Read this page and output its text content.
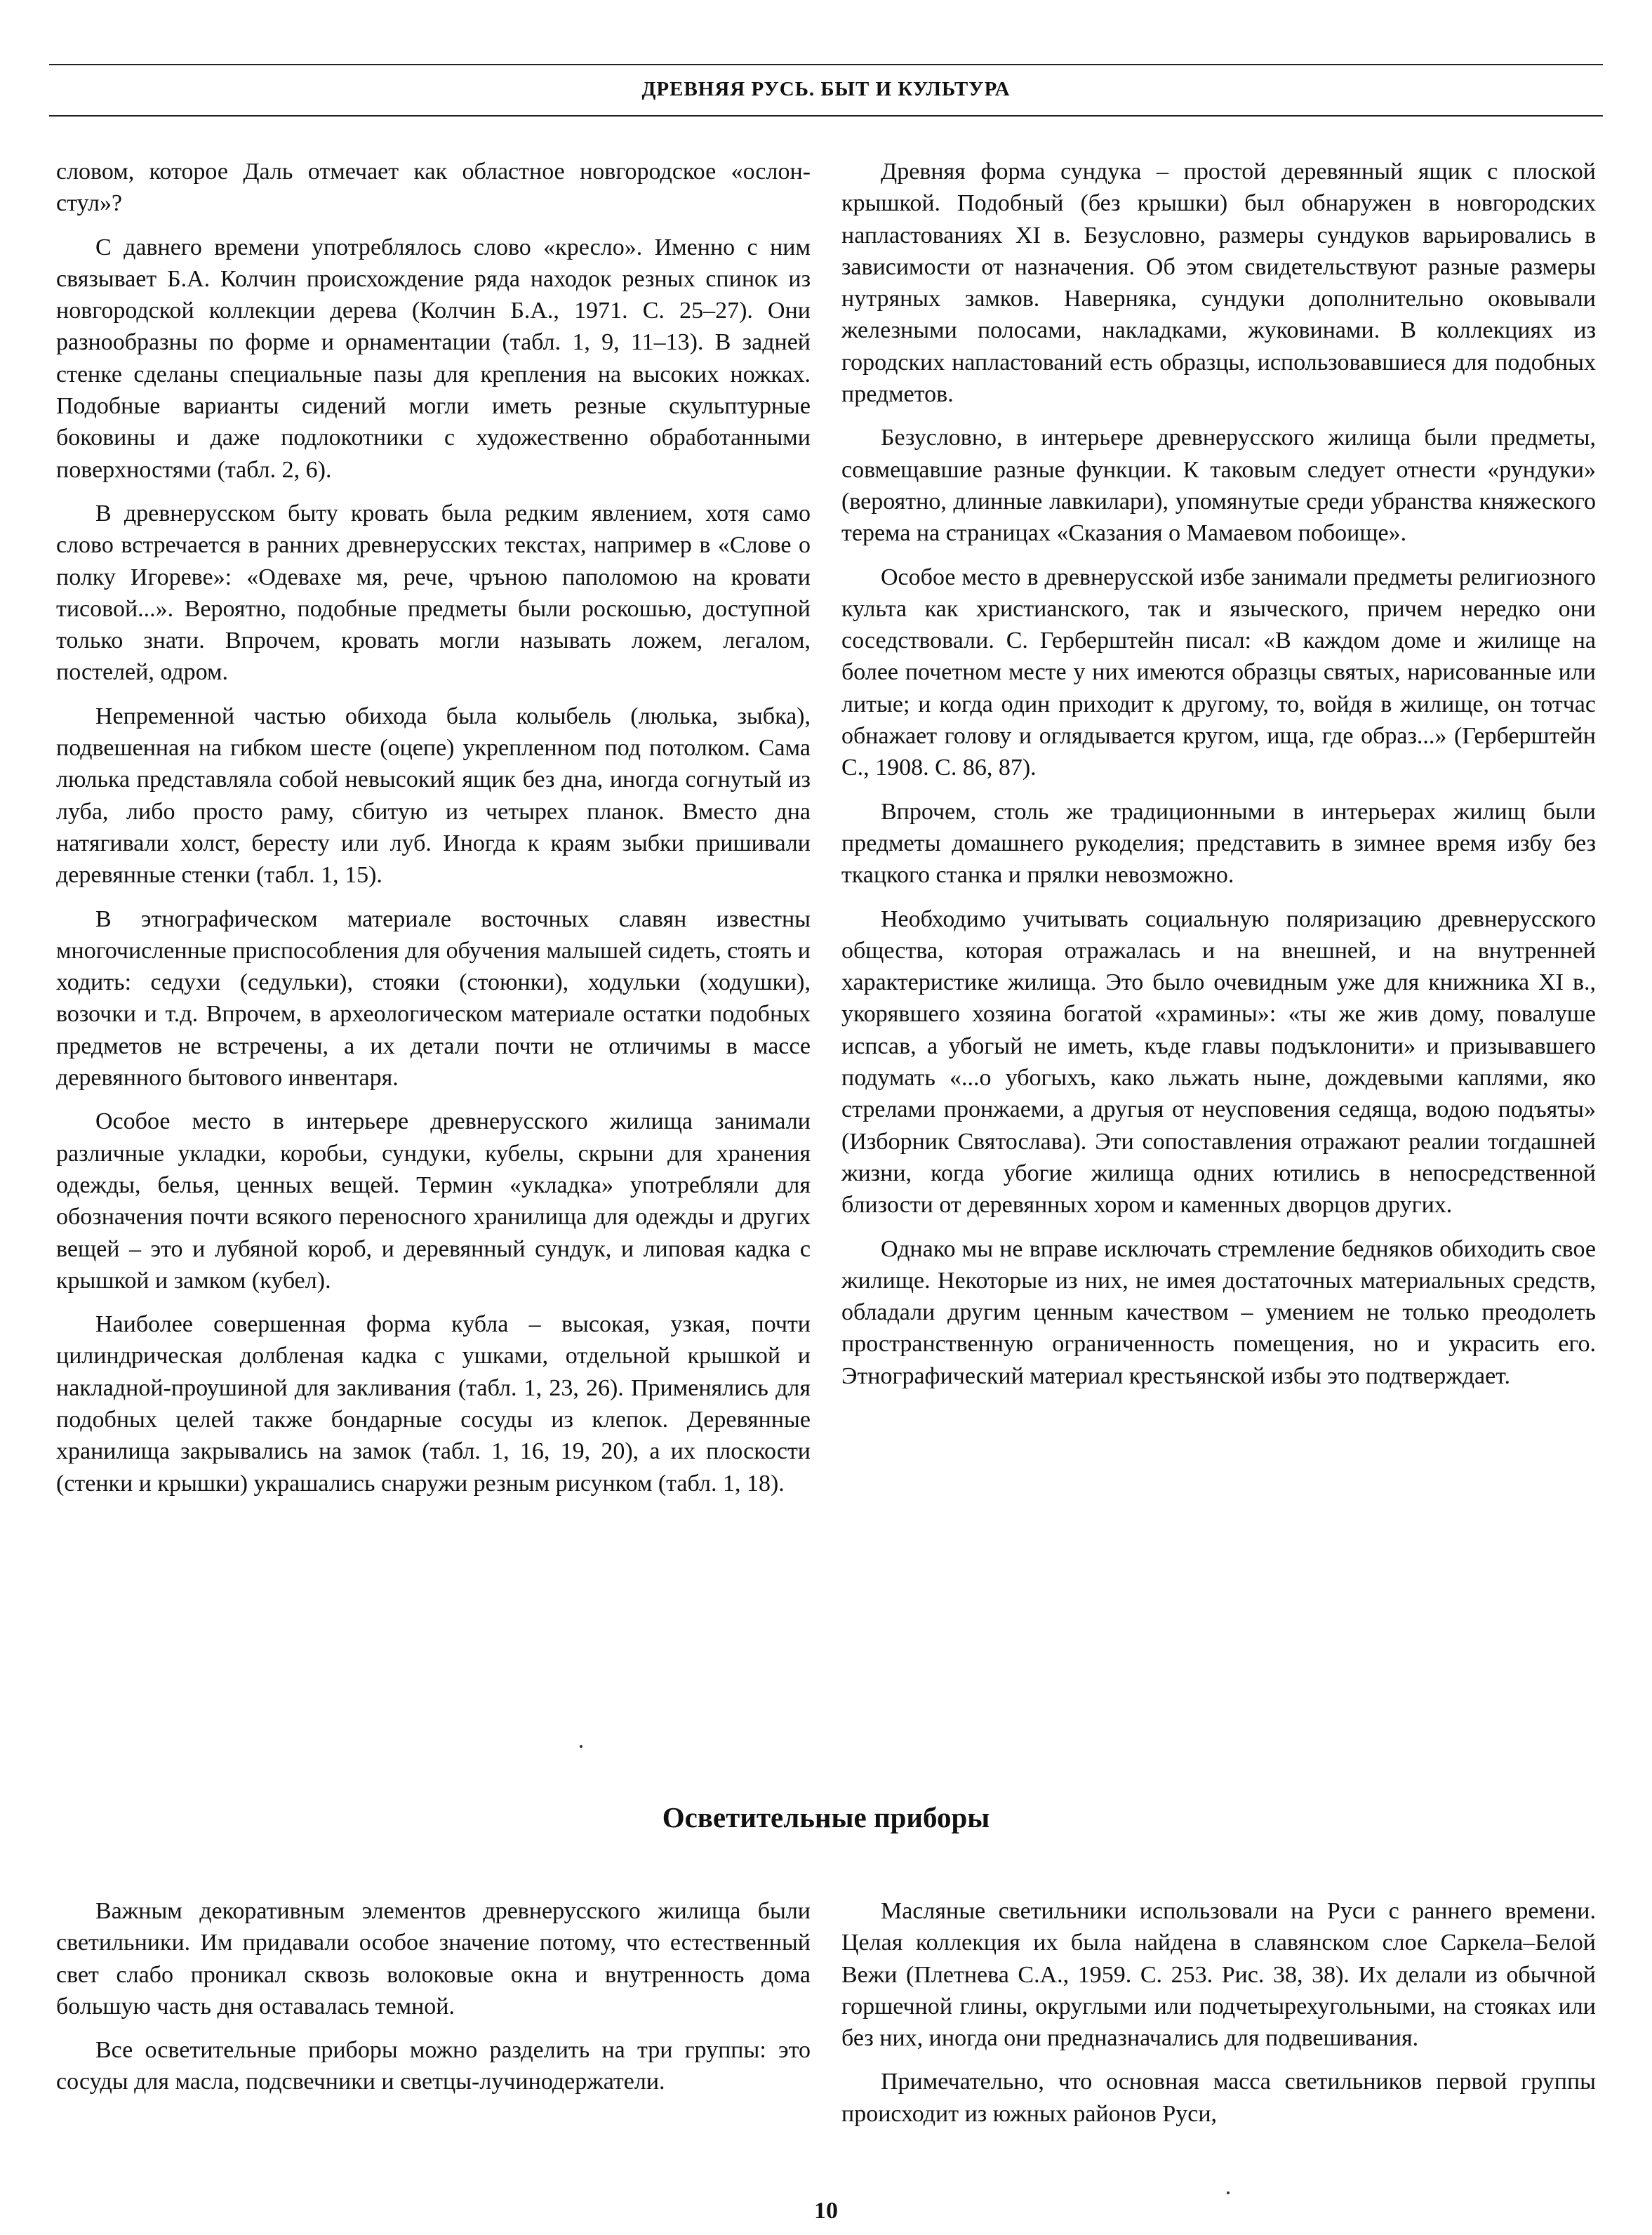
ДРЕВНЯЯ РУСЬ. БЫТ И КУЛЬТУРА

словом, которое Даль отмечает как областное новгородское «ослон-стул»?

С давнего времени употреблялось слово «кресло». Именно с ним связывает Б.А. Колчин происхождение ряда находок резных спинок из новгородской коллекции дерева (Колчин Б.А., 1971. С. 25–27). Они разнообразны по форме и орнаментации (табл. 1, 9, 11–13). В задней стенке сделаны специальные пазы для крепления на высоких ножках. Подобные варианты сидений могли иметь резные скульптурные боковины и даже подлокотники с художественно обработанными поверхностями (табл. 2, 6).

В древнерусском быту кровать была редким явлением, хотя само слово встречается в ранних древнерусских текстах, например в «Слове о полку Игореве»: «Одевахе мя, рече, чръною паполомою на кровати тисовой...». Вероятно, подобные предметы были роскошью, доступной только знати. Впрочем, кровать могли называть ложем, легалом, постелей, одром.

Непременной частью обихода была колыбель (люлька, зыбка), подвешенная на гибком шесте (оцепе) укрепленном под потолком. Сама люлька представляла собой невысокий ящик без дна, иногда согнутый из луба, либо просто раму, сбитую из четырех планок. Вместо дна натягивали холст, бересту или луб. Иногда к краям зыбки пришивали деревянные стенки (табл. 1, 15).

В этнографическом материале восточных славян известны многочисленные приспособления для обучения малышей сидеть, стоять и ходить: седухи (седульки), стояки (стоюнки), ходульки (ходушки), возочки и т.д. Впрочем, в археологическом материале остатки подобных предметов не встречены, а их детали почти не отличимы в массе деревянного бытового инвентаря.

Особое место в интерьере древнерусского жилища занимали различные укладки, коробьи, сундуки, кубелы, скрыни для хранения одежды, белья, ценных вещей. Термин «укладка» употребляли для обозначения почти всякого переносного хранилища для одежды и других вещей – это и лубяной короб, и деревянный сундук, и липовая кадка с крышкой и замком (кубел).

Наиболее совершенная форма кубла – высокая, узкая, почти цилиндрическая долбленая кадка с ушками, отдельной крышкой и накладной-проушиной для закливания (табл. 1, 23, 26). Применялись для подобных целей также бондарные сосуды из клепок. Деревянные хранилища закрывались на замок (табл. 1, 16, 19, 20), а их плоскости (стенки и крышки) украшались снаружи резным рисунком (табл. 1, 18).

Древняя форма сундука – простой деревянный ящик с плоской крышкой. Подобный (без крышки) был обнаружен в новгородских напластованиях XI в. Безусловно, размеры сундуков варьировались в зависимости от назначения. Об этом свидетельствуют разные размеры нутряных замков. Наверняка, сундуки дополнительно оковывали железными полосами, накладками, жуковинами. В коллекциях из городских напластований есть образцы, использовавшиеся для подобных предметов.

Безусловно, в интерьере древнерусского жилища были предметы, совмещавшие разные функции. К таковым следует отнести «рундуки» (вероятно, длинные лавкилари), упомянутые среди убранства княжеского терема на страницах «Сказания о Мамаевом побоище».

Особое место в древнерусской избе занимали предметы религиозного культа как христианского, так и языческого, причем нередко они соседствовали. С. Герберштейн писал: «В каждом доме и жилище на более почетном месте у них имеются образцы святых, нарисованные или литые; и когда один приходит к другому, то, войдя в жилище, он тотчас обнажает голову и оглядывается кругом, ища, где образ...» (Герберштейн С., 1908. С. 86, 87).

Впрочем, столь же традиционными в интерьерах жилищ были предметы домашнего рукоделия; представить в зимнее время избу без ткацкого станка и прялки невозможно.

Необходимо учитывать социальную поляризацию древнерусского общества, которая отражалась и на внешней, и на внутренней характеристике жилища. Это было очевидным уже для книжника XI в., укорявшего хозяина богатой «храмины»: «ты же жив дому, повалуше испсав, а убогый не иметь, къде главы подъклонити» и призывавшего подумать «...о убогыхъ, како льжать ныне, дождевыми каплями, яко стрелами пронжаеми, а другыя от неусповения седяща, водою подъяты» (Изборник Святослава). Эти сопоставления отражают реалии тогдашней жизни, когда убогие жилища одних ютились в непосредственной близости от деревянных хором и каменных дворцов других.

Однако мы не вправе исключать стремление бедняков обиходить свое жилище. Некоторые из них, не имея достаточных материальных средств, обладали другим ценным качеством – умением не только преодолеть пространственную ограниченность помещения, но и украсить его. Этнографический материал крестьянской избы это подтверждает.

Осветительные приборы

Важным декоративным элементов древнерусского жилища были светильники. Им придавали особое значение потому, что естественный свет слабо проникал сквозь волоковые окна и внутренность дома большую часть дня оставалась темной.

Все осветительные приборы можно разделить на три группы: это сосуды для масла, подсвечники и светцы-лучинодержатели.

Масляные светильники использовали на Руси с раннего времени. Целая коллекция их была найдена в славянском слое Саркела–Белой Вежи (Плетнева С.А., 1959. С. 253. Рис. 38, 38). Их делали из обычной горшечной глины, округлыми или подчетырехугольными, на стояках или без них, иногда они предназначались для подвешивания.

Примечательно, что основная масса светильников первой группы происходит из южных районов Руси,

10
